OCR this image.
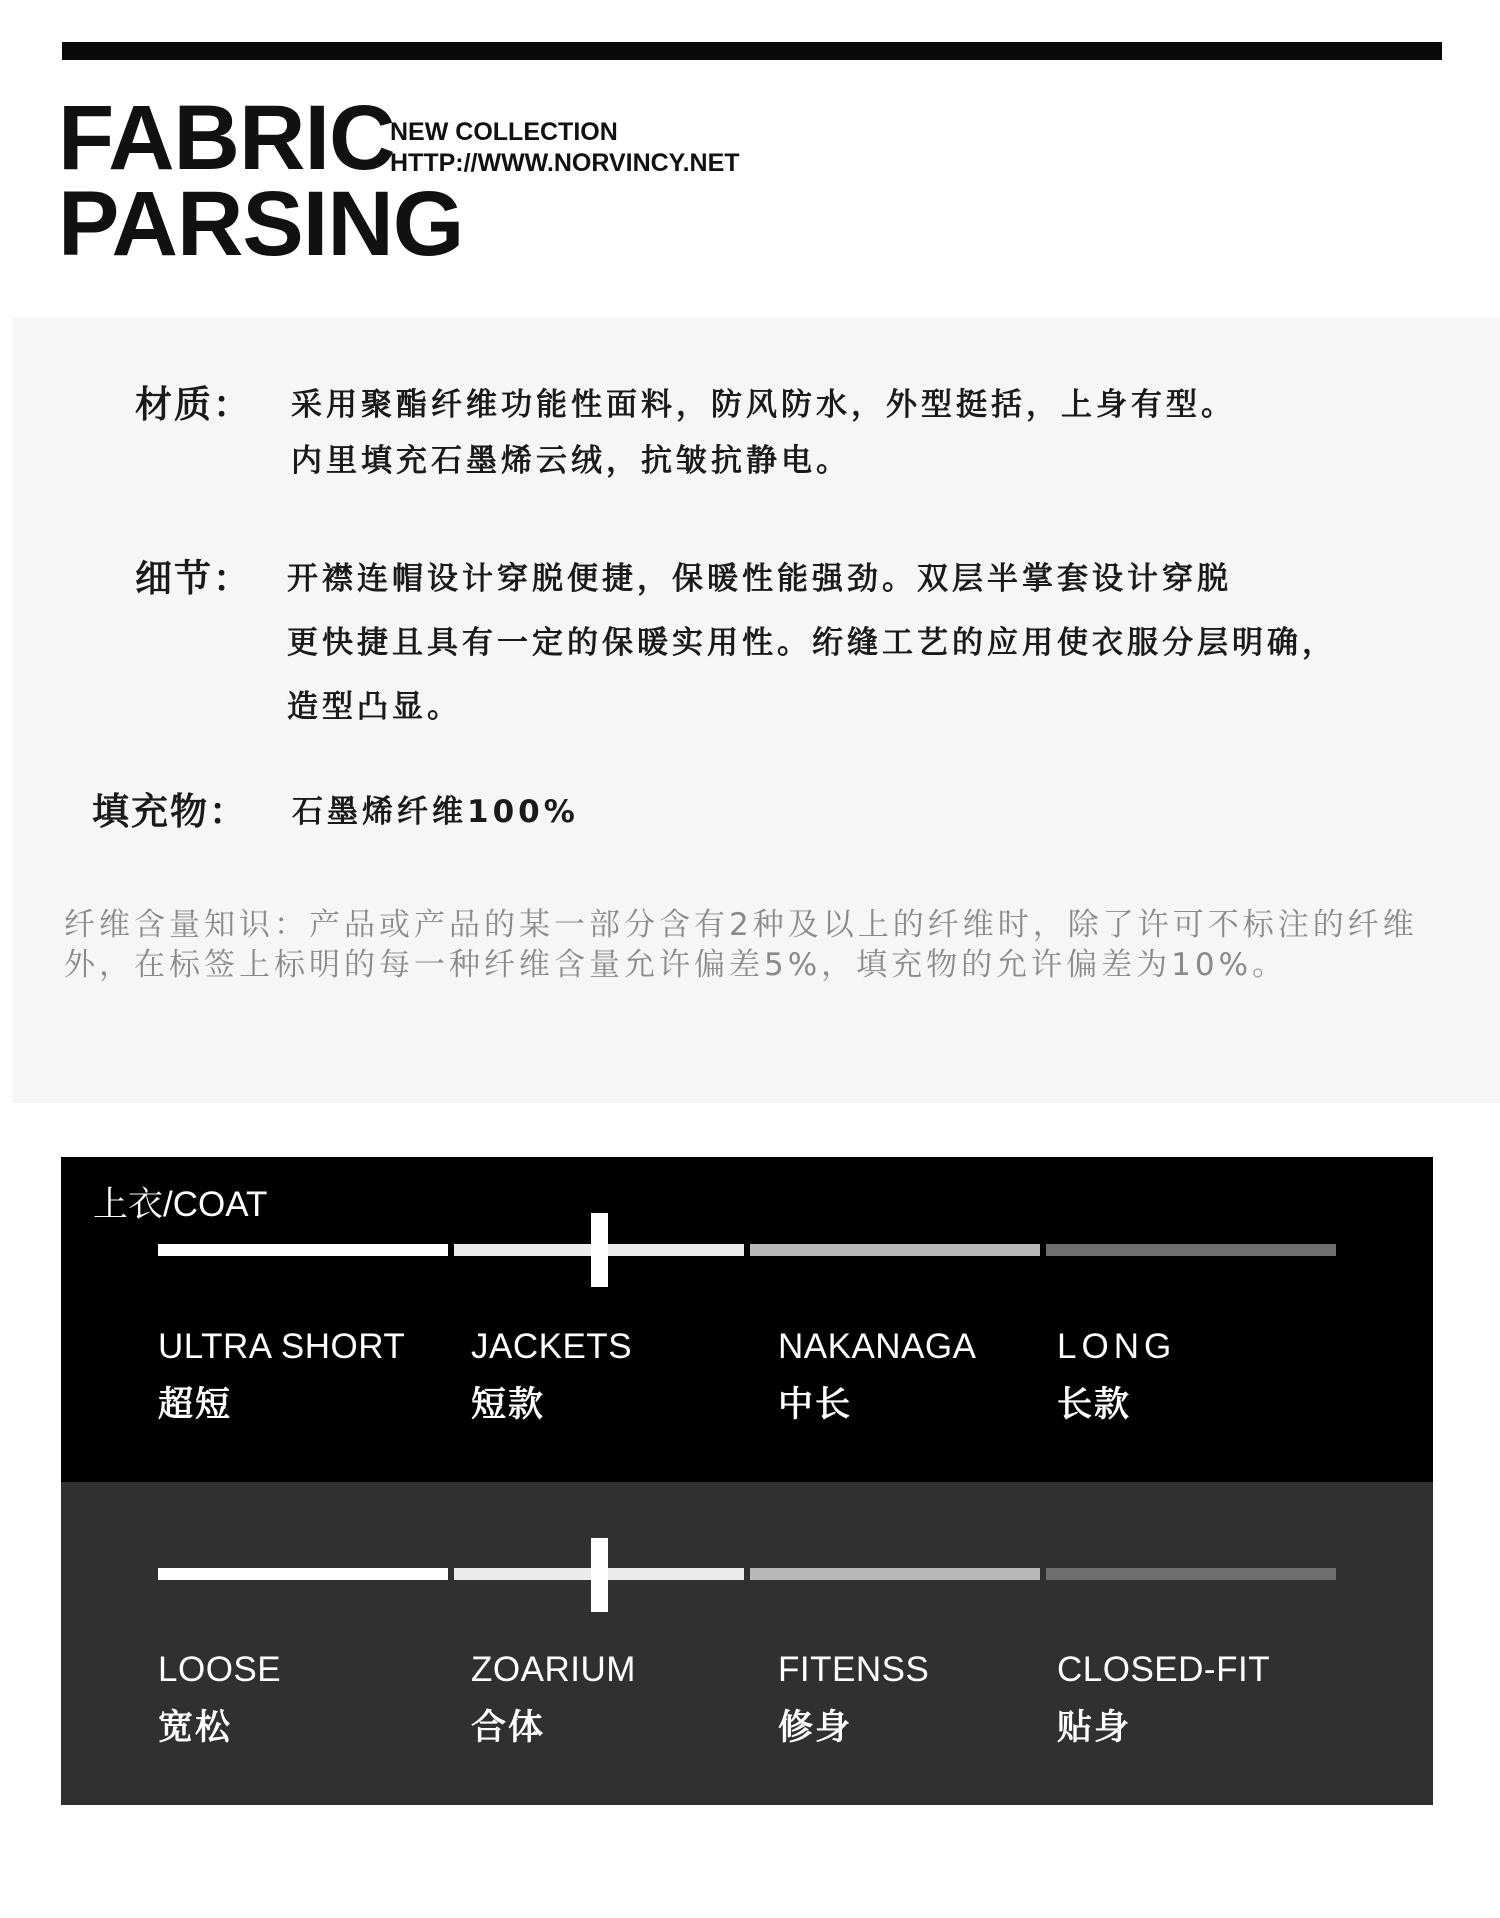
FABRIC
PARSING
NEW COLLECTION
HTTP://WWW.NORVINCY.NET
材质：	采用聚酯纤维功能性面料，防风防水，外型挺括，上身有型。
内里填充石墨烯云绒，抗皱抗静电。
细节：	开襟连帽设计穿脱便捷，保暖性能强劲。双层半掌套设计穿脱
更快捷且具有一定的保暖实用性。绗缝工艺的应用使衣服分层明确，
造型凸显。
填充物：	石墨烯纤维100%
纤维含量知识：产品或产品的某一部分含有2种及以上的纤维时，除了许可不标注的纤维外，在标签上标明的每一种纤维含量允许偏差5%，填充物的允许偏差为10%。
上衣/COAT
ULTRA SHORT
超短
JACKETS
短款
NAKANAGA
中长
LONG
长款
LOOSE
宽松
ZOARIUM
合体
FITENSS
修身
CLOSED-FIT
贴身
